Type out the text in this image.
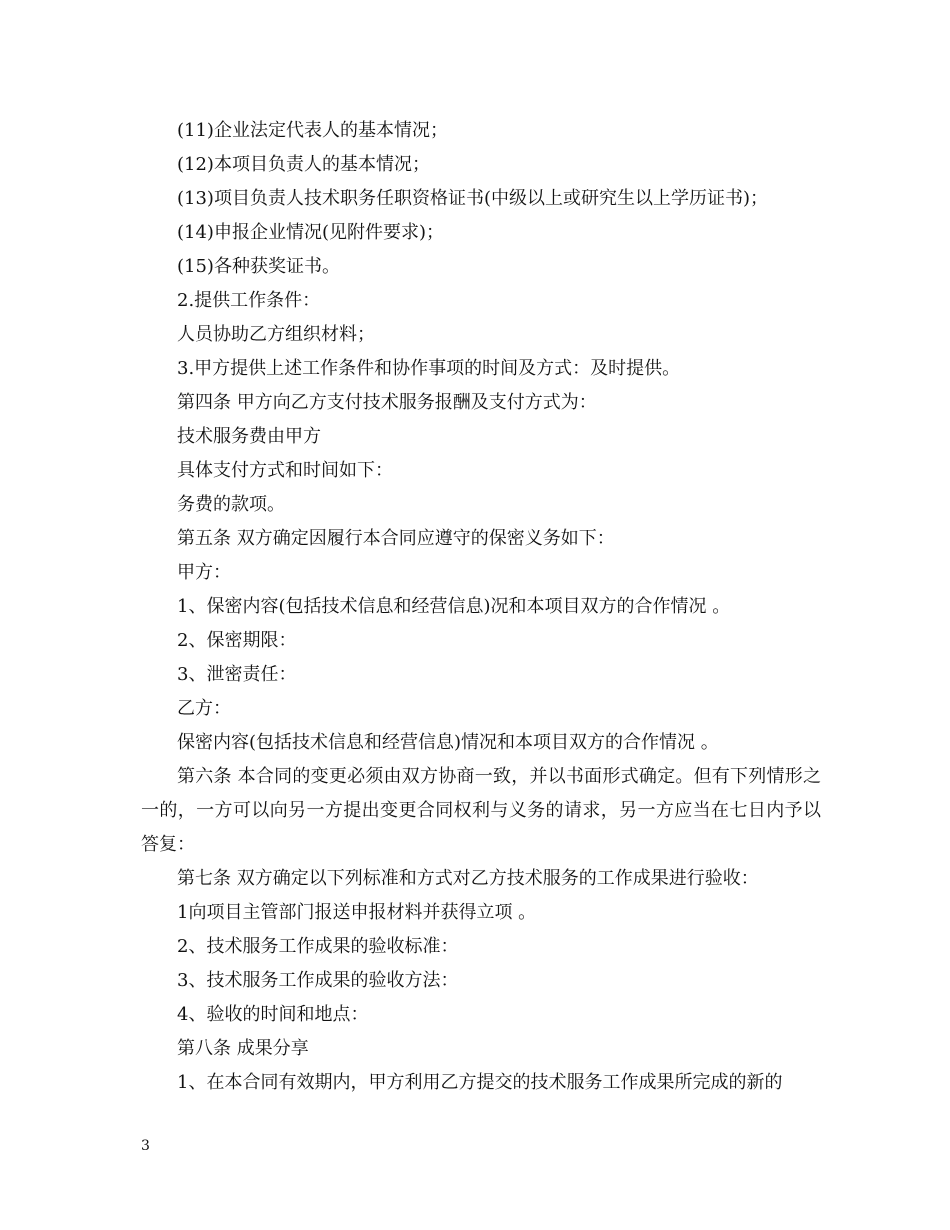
(11)企业法定代表人的基本情况；
(12)本项目负责人的基本情况；
(13)项目负责人技术职务任职资格证书(中级以上或研究生以上学历证书)；
(14)申报企业情况(见附件要求)；
(15)各种获奖证书。
2.提供工作条件：
人员协助乙方组织材料；
3.甲方提供上述工作条件和协作事项的时间及方式：及时提供。
第四条 甲方向乙方支付技术服务报酬及支付方式为：
技术服务费由甲方
具体支付方式和时间如下：
务费的款项。
第五条 双方确定因履行本合同应遵守的保密义务如下：
甲方：
1、保密内容(包括技术信息和经营信息)况和本项目双方的合作情况 。
2、保密期限：
3、泄密责任：
乙方：
保密内容(包括技术信息和经营信息)情况和本项目双方的合作情况 。

第六条 本合同的变更必须由双方协商一致，并以书面形式确定。但有下列情形之一的，一方可以向另一方提出变更合同权利与义务的请求，另一方应当在七日内予以答复：

第七条 双方确定以下列标准和方式对乙方技术服务的工作成果进行验收：
1向项目主管部门报送申报材料并获得立项 。
2、技术服务工作成果的验收标准：
3、技术服务工作成果的验收方法：
4、验收的时间和地点：
第八条 成果分享
1、在本合同有效期内，甲方利用乙方提交的技术服务工作成果所完成的新的
3
